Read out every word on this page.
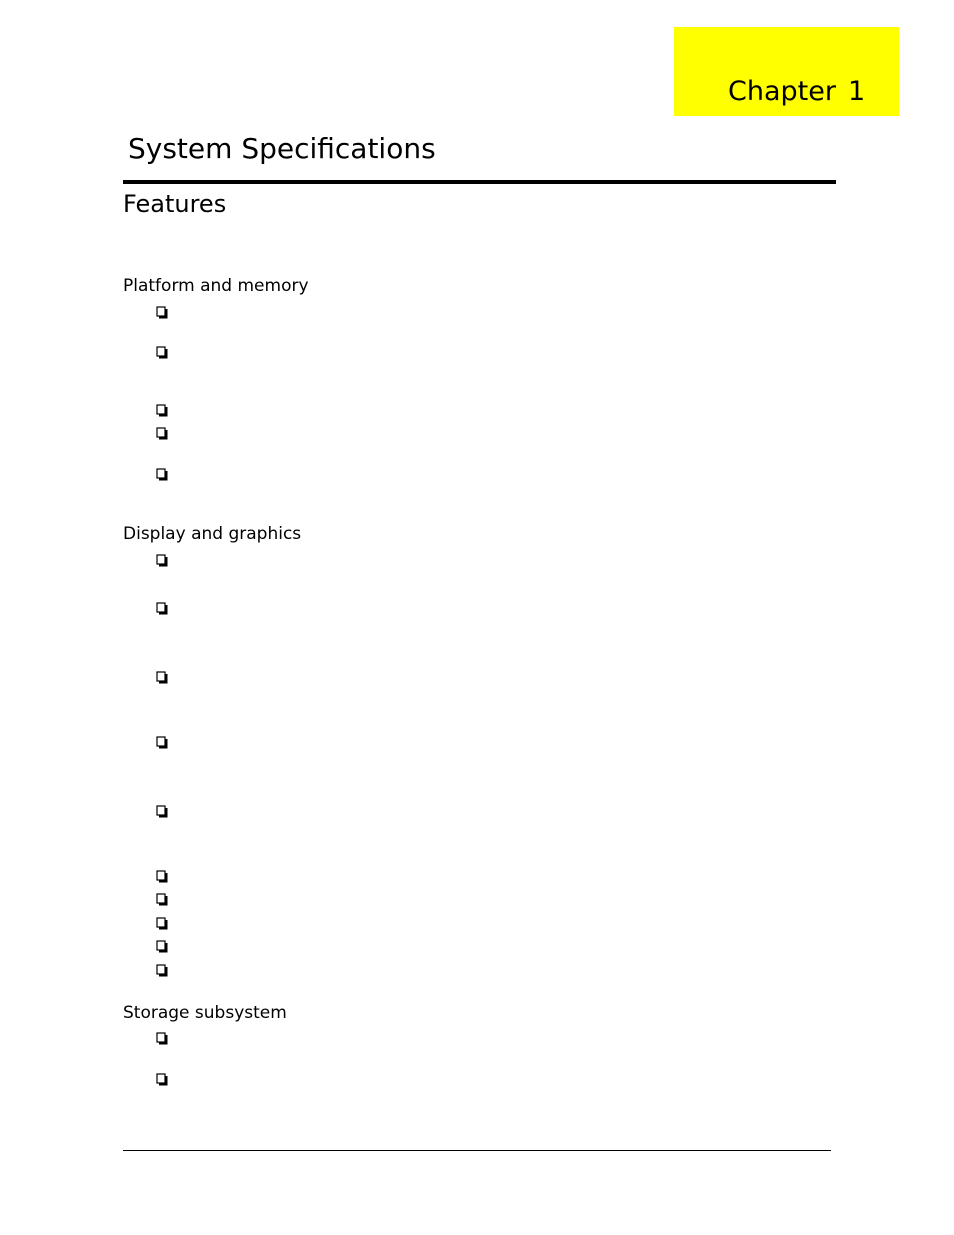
Chapter 1
System Specifications
Features
Platform and memory
Display and graphics
Storage subsystem
